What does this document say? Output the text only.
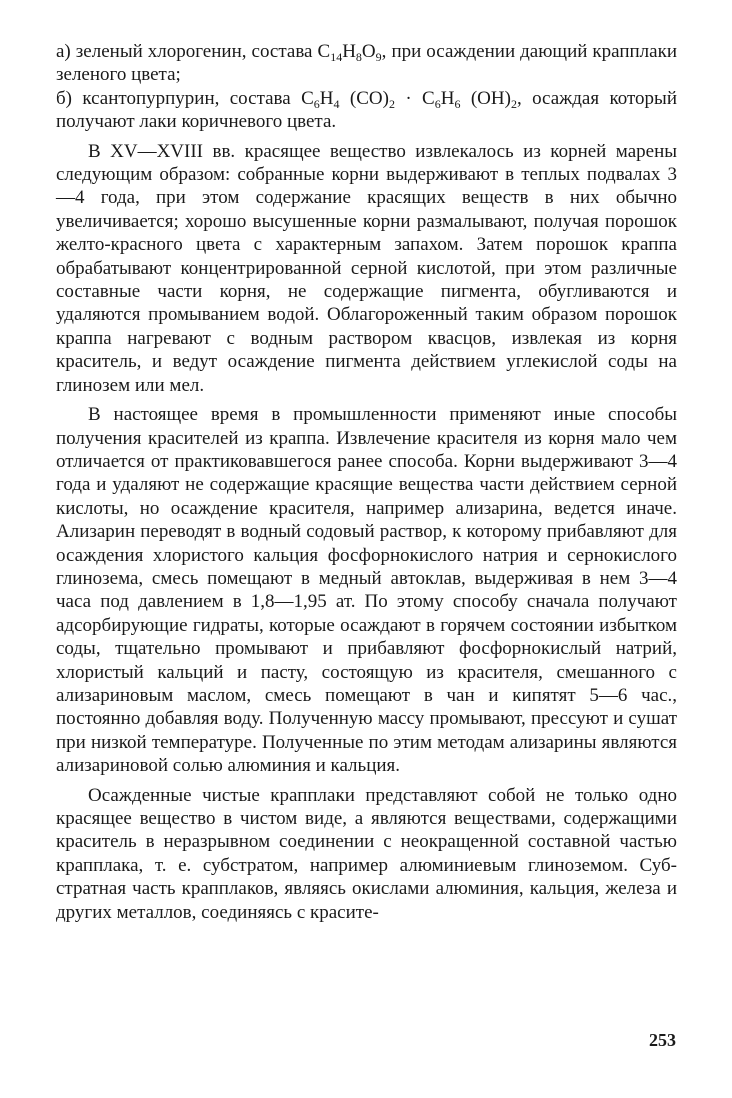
а) зеленый хлорогенин, состава $C_{14}H_8O_9$, при осаждении дающий крапплаки зеленого цвета;

б) ксантопурпурин, состава $C_6H_4$ $(CO)_2 \cdot C_6H_6$ $(OH)_2$, осаждая который получают лаки коричневого цвета.

В XV—XVIII вв. красящее вещество извлекалось из корней марены следующим образом: собранные корни выдерживают в теплых подвалах 3—4 года, при этом содержание красящих веществ в них обычно увеличивается; хорошо высушенные корни размалывают, получая порошок желто-красного цвета с характерным запахом. Затем порошок краппа обрабатывают концентрированной серной кислотой, при этом различные составные части корня, не содержащие пигмента, обугливаются и удаляются промыванием водой. Облагороженный таким образом порошок краппа нагревают с водным раствором квасцов, извлекая из корня краситель, и ведут осаждение пигмента действием углекислой соды на глинозем или мел.

В настоящее время в промышленности применяют иные способы получения красителей из краппа. Извлечение красителя из корня мало чем отличается от практиковавшегося ранее способа. Корни выдерживают 3—4 года и удаляют не содержащие красящие вещества части действием серной кислоты, но осаждение красителя, например ализарина, ведется иначе. Ализарин переводят в водный содовый раствор, к которому прибавляют для осаждения хлористого кальция фосфорнокислого натрия и сернoкислого глинозема, смесь помещают в медный автоклав, выдерживая в нем 3—4 часа под давлением в 1,8—1,95 ат. По этому способу сначала получают адсорбирующие гидраты, которые осаждают в горячем состоянии избытком соды, тщательно промывают и прибавляют фосфорнокислый натрий, хлористый кальций и пасту, состоящую из красителя, смешанного с ализариновым маслом, смесь помещают в чан и кипятят 5—6 час., постоянно добавляя воду. Полученную массу промывают, прессуют и сушат при низкой температуре. Полученные по этим методам ализарины являются ализариновой солью алюминия и кальция.

Осажденные чистые крапплаки представляют собой не только одно красящее вещество в чистом виде, а являются веществами, содержащими краситель в неразрывном соединении с неокращенной составной частью крапплака, т. е. субстратом, например алюминиевым глиноземом. Субстратная часть крапплаков, являясь окислами алюминия, кальция, железа и других металлов, соединяясь с красите-

253
